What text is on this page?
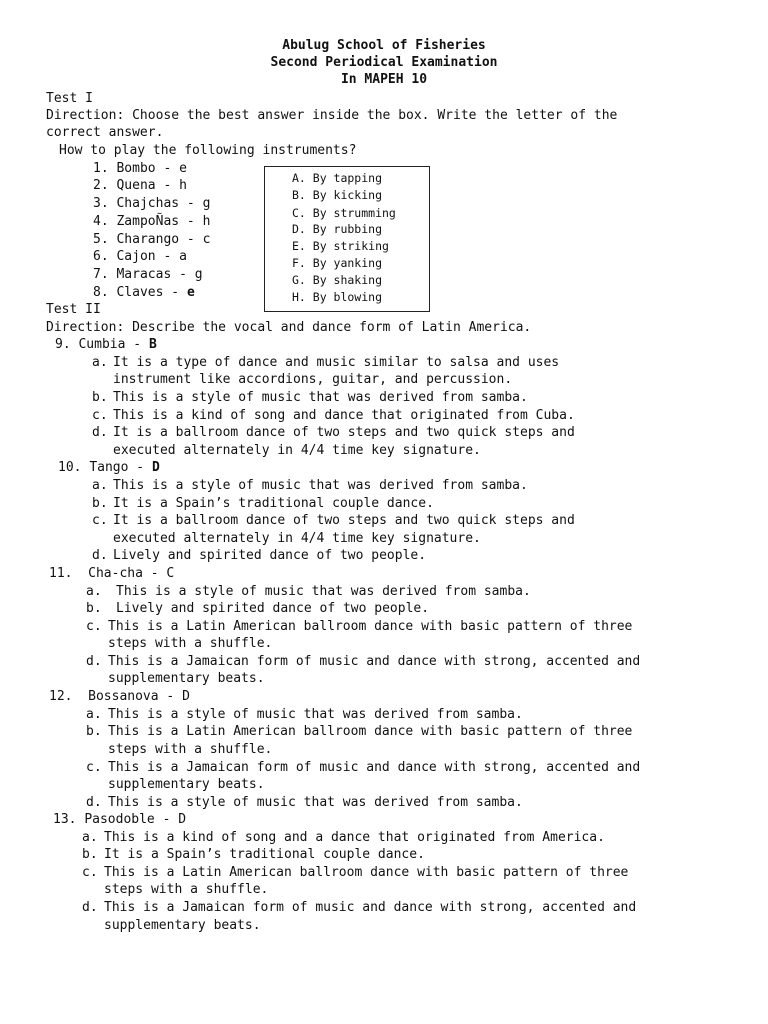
Abulug School of Fisheries
Second Periodical Examination
In MAPEH 10
Test I
Direction: Choose the best answer inside the box. Write the letter of the
correct answer.
How to play the following instruments?
1. Bombo - e
2. Quena - h
3. Chajchas - g
4. ZampoÑas - h
5. Charango - c
6. Cajon - a
7. Maracas - g
8. Claves - e
A. By tapping
B. By kicking
C. By strumming
D. By rubbing
E. By striking
F. By yanking
G. By shaking
H. By blowing
Test II
Direction: Describe the vocal and dance form of Latin America.
9. Cumbia - B
a. It is a type of dance and music similar to salsa and uses
instrument like accordions, guitar, and percussion.
b. This is a style of music that was derived from samba.
c. This is a kind of song and dance that originated from Cuba.
d. It is a ballroom dance of two steps and two quick steps and
executed alternately in 4/4 time key signature.
10. Tango - D
a. This is a style of music that was derived from samba.
b. It is a Spain’s traditional couple dance.
c. It is a ballroom dance of two steps and two quick steps and
executed alternately in 4/4 time key signature.
d. Lively and spirited dance of two people.
11. Cha-cha - C
a. This is a style of music that was derived from samba.
b. Lively and spirited dance of two people.
c. This is a Latin American ballroom dance with basic pattern of three
steps with a shuffle.
d. This is a Jamaican form of music and dance with strong, accented and
supplementary beats.
12. Bossanova - D
a. This is a style of music that was derived from samba.
b. This is a Latin American ballroom dance with basic pattern of three
steps with a shuffle.
c. This is a Jamaican form of music and dance with strong, accented and
supplementary beats.
d. This is a style of music that was derived from samba.
13. Pasodoble - D
a. This is a kind of song and a dance that originated from America.
b. It is a Spain’s traditional couple dance.
c. This is a Latin American ballroom dance with basic pattern of three
steps with a shuffle.
d. This is a Jamaican form of music and dance with strong, accented and
supplementary beats.
